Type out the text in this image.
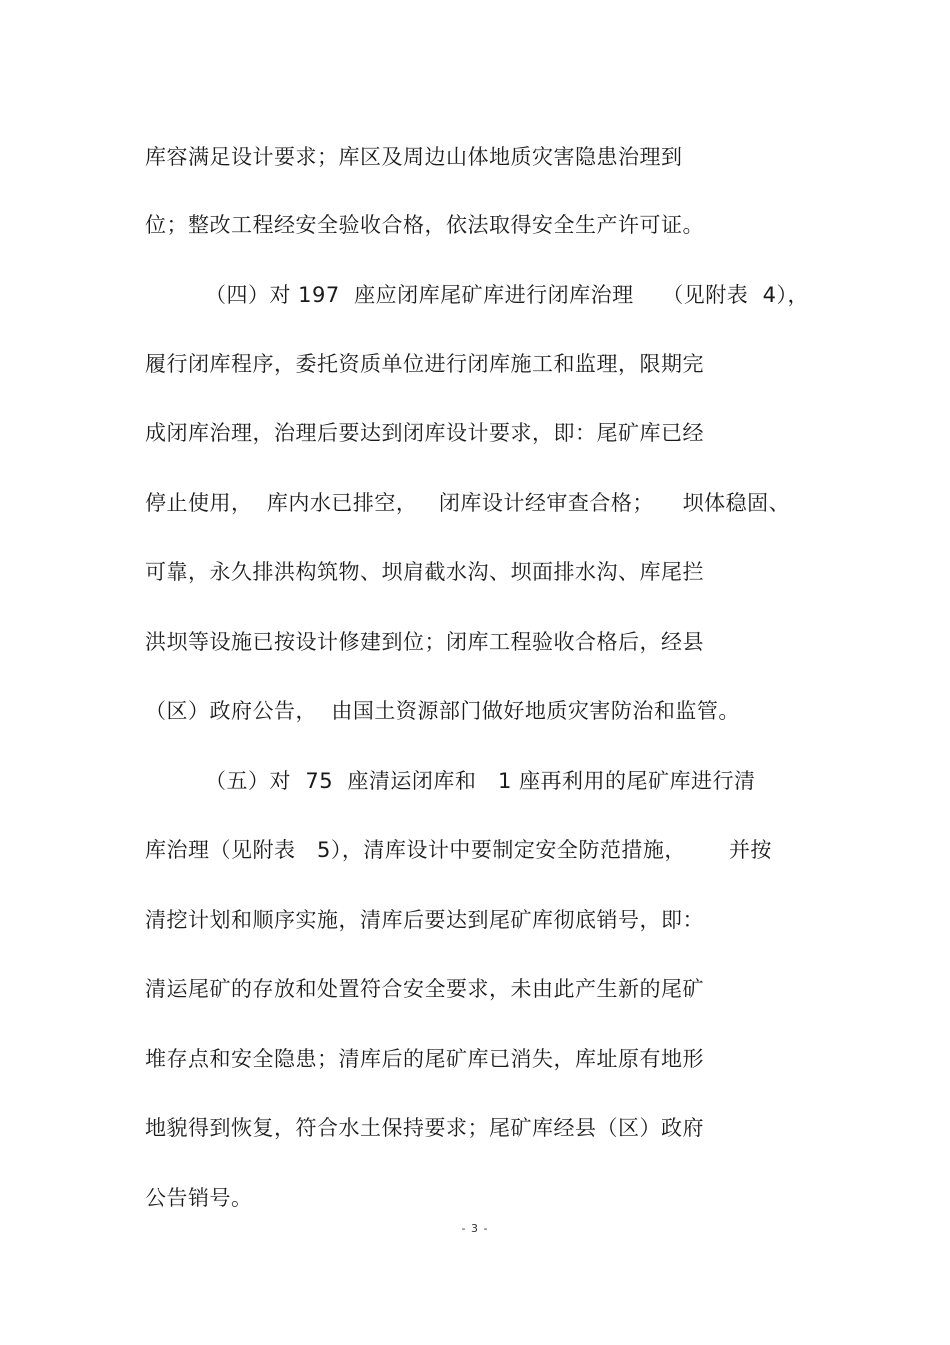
库容满足设计要求；库区及周边山体地质灾害隐患治理到
位；整改工程经安全验收合格，依法取得安全生产许可证。
（四）对 197  座应闭库尾矿库进行闭库治理    （见附表  4），
履行闭库程序，委托资质单位进行闭库施工和监理，限期完
成闭库治理，治理后要达到闭库设计要求，即：尾矿库已经
停止使用，  库内水已排空，   闭库设计经审查合格；    坝体稳固、
可靠，永久排洪构筑物、坝肩截水沟、坝面排水沟、库尾拦
洪坝等设施已按设计修建到位；闭库工程验收合格后，经县
（区）政府公告，  由国土资源部门做好地质灾害防治和监管。
（五）对  75  座清运闭库和   1 座再利用的尾矿库进行清
库治理（见附表   5），清库设计中要制定安全防范措施，      并按
清挖计划和顺序实施，清库后要达到尾矿库彻底销号，即：
清运尾矿的存放和处置符合安全要求，未由此产生新的尾矿
堆存点和安全隐患；清库后的尾矿库已消失，库址原有地形
地貌得到恢复，符合水土保持要求；尾矿库经县（区）政府
公告销号。
- 3 -
